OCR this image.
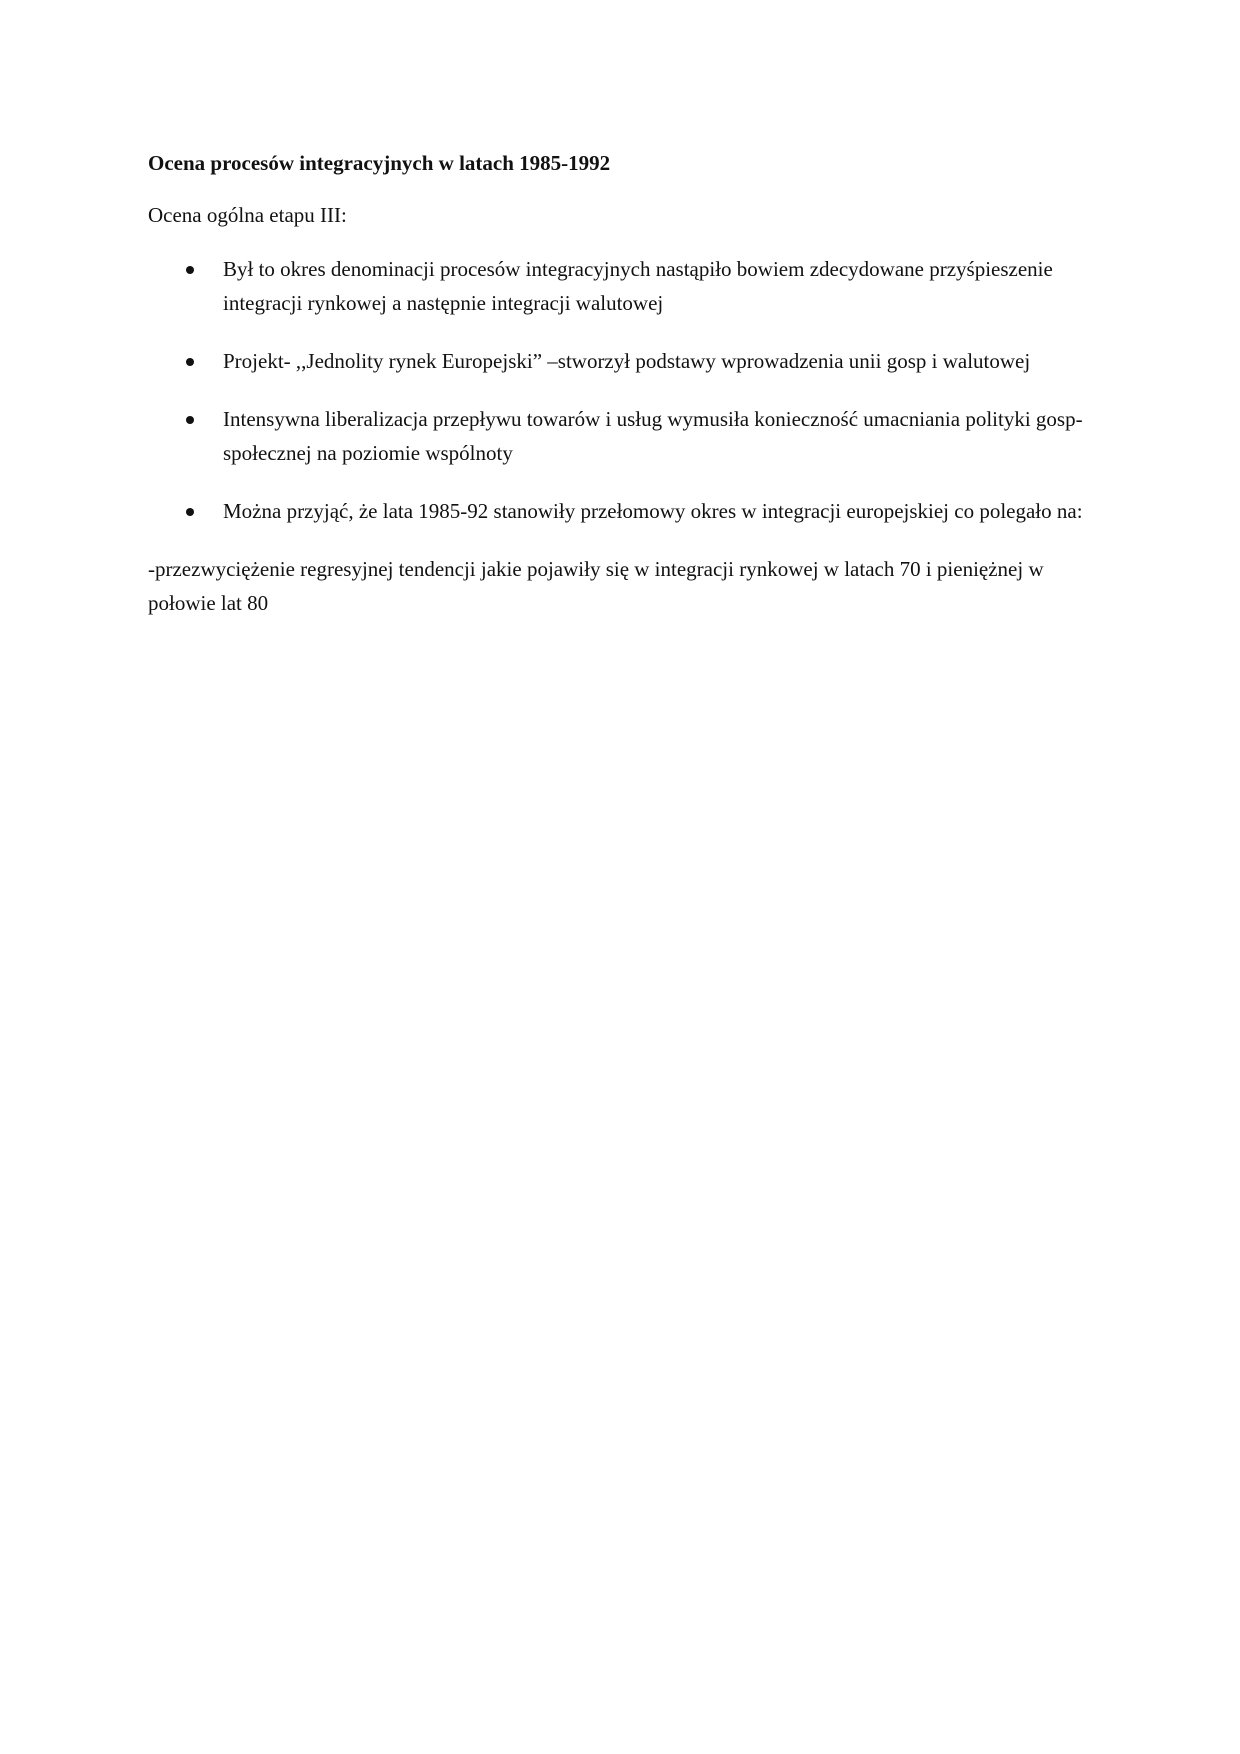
Ocena procesów integracyjnych w latach 1985-1992

Ocena ogólna etapu III:

Był to okres denominacji procesów integracyjnych nastąpiło bowiem zdecydowane przyśpieszenie integracji rynkowej a następnie integracji walutowej
Projekt- ,,Jednolity rynek Europejski” –stworzył podstawy wprowadzenia unii gosp i walutowej
Intensywna liberalizacja przepływu towarów i usług wymusiła konieczność umacniania polityki gosp-społecznej na poziomie wspólnoty
Można przyjąć, że lata 1985-92 stanowiły przełomowy okres w integracji europejskiej co polegało na:

-przezwyciężenie regresyjnej tendencji jakie pojawiły się w integracji rynkowej w latach 70 i pieniężnej w połowie lat 80
